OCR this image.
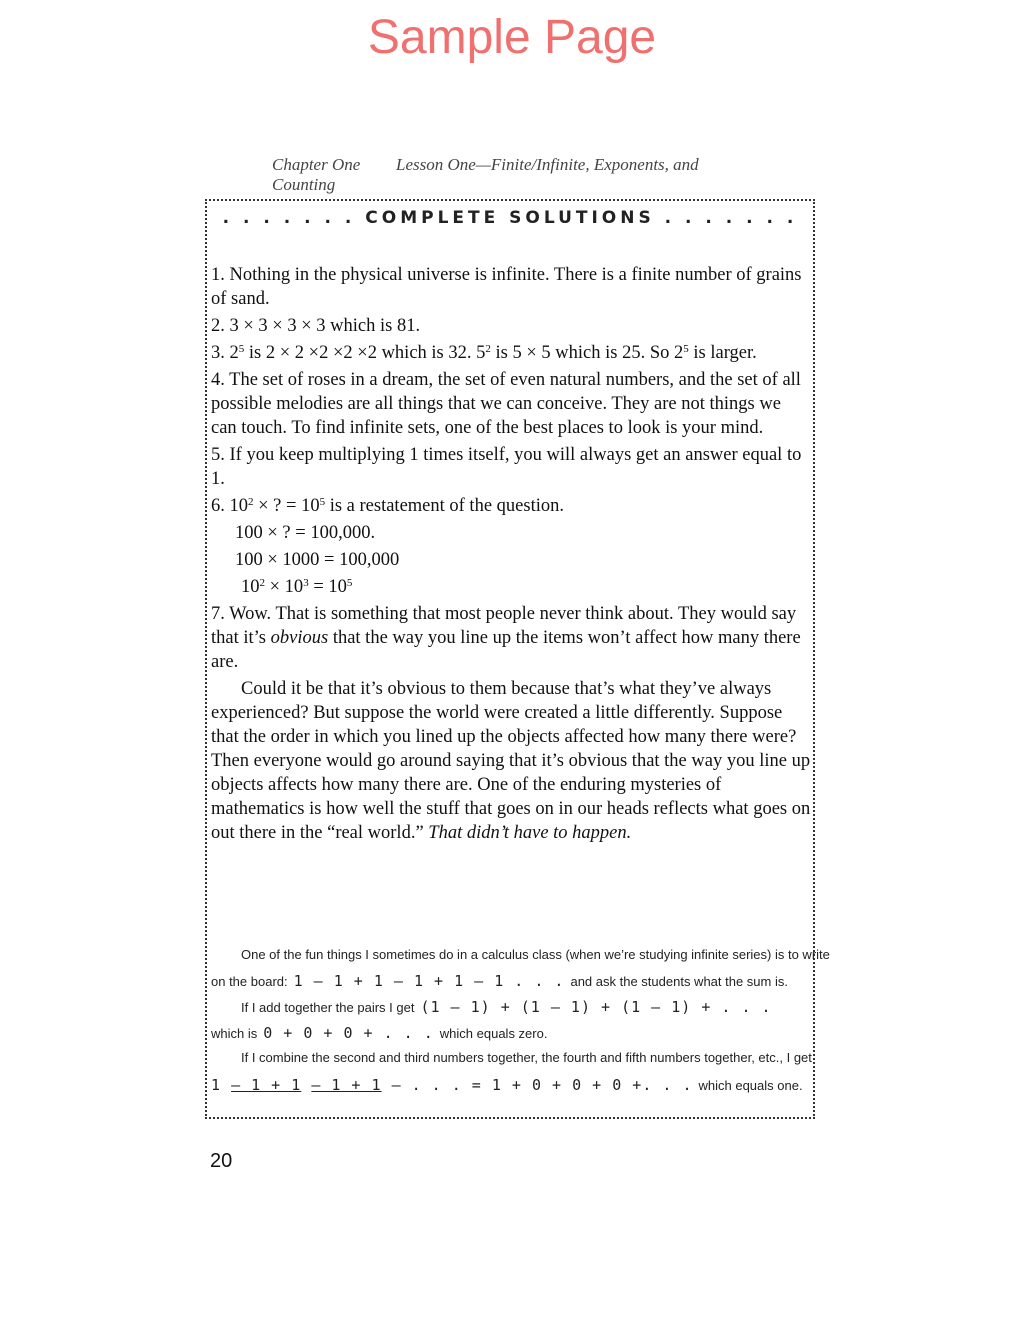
Sample Page
Chapter One Lesson One—Finite/Infinite, Exponents, and Counting
. . . . . . . COMPLETE SOLUTIONS . . . . . . .

1. Nothing in the physical universe is infinite. There is a finite number of grains of sand.

2. 3 × 3 × 3 × 3 which is 81.

3. $2^5$ is 2 × 2 ×2 ×2 ×2 which is 32. $5^2$ is 5 × 5 which is 25. So $2^5$ is larger.

4. The set of roses in a dream, the set of even natural numbers, and the set of all possible melodies are all things that we can conceive. They are not things we can touch. To find infinite sets, one of the best places to look is your mind.

5. If you keep multiplying 1 times itself, you will always get an answer equal to 1.

6. $10^2$ × ? = $10^5$ is a restatement of the question.

100 × ? = 100,000.

100 × 1000 = 100,000

$10^2 \times 10^3 = 10^5$

7. Wow. That is something that most people never think about. They would say that it’s obvious that the way you line up the items won’t affect how many there are.

Could it be that it’s obvious to them because that’s what they’ve always experienced? But suppose the world were created a little differently. Suppose that the order in which you lined up the objects affected how many there were? Then everyone would go around saying that it’s obvious that the way you line up objects affects how many there are. One of the enduring mysteries of mathematics is how well the stuff that goes on in our heads reflects what goes on out there in the “real world.” That didn’t have to happen.

One of the fun things I sometimes do in a calculus class (when we’re studying infinite series) is to write
on the board: 1 – 1 + 1 – 1 + 1 – 1 . . . and ask the students what the sum is.
If I add together the pairs I get (1 – 1) + (1 – 1) + (1 – 1) + . . .
which is 0 + 0 + 0 + . . . which equals zero.
If I combine the second and third numbers together, the fourth and fifth numbers together, etc., I get
1 – 1 + 1 – 1 + 1 – . . . = 1 + 0 + 0 + 0 +. . . which equals one.
20
